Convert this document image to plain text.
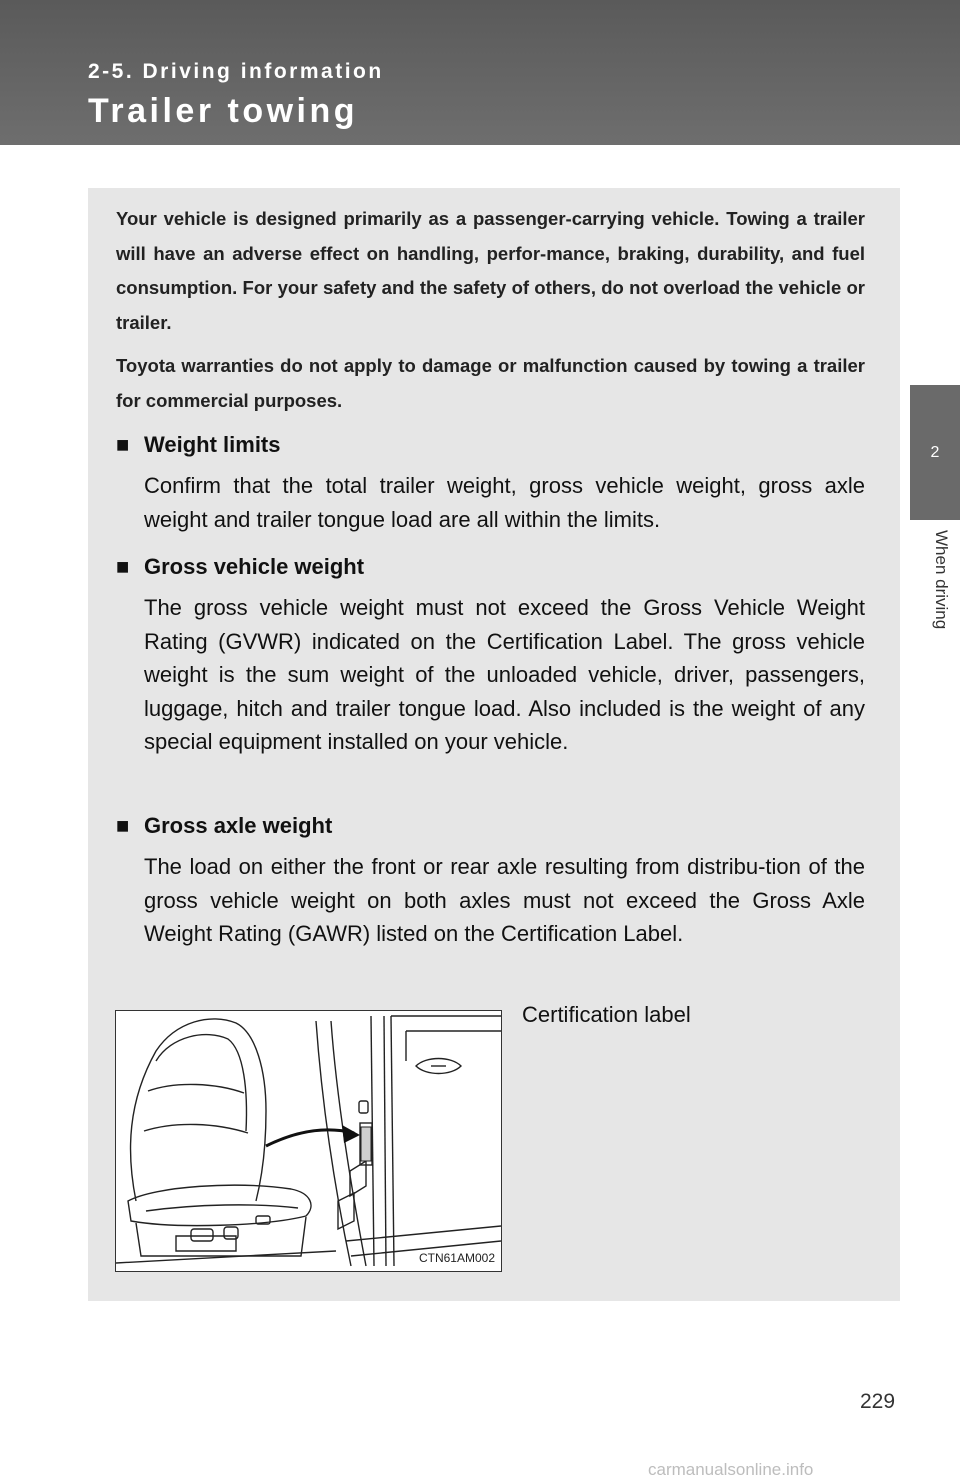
2-5. Driving information
Trailer towing
2
When driving
Your vehicle is designed primarily as a passenger-carrying vehicle. Towing a trailer will have an adverse effect on handling, perfor-mance, braking, durability, and fuel consumption. For your safety and the safety of others, do not overload the vehicle or trailer.
Toyota warranties do not apply to damage or malfunction caused by towing a trailer for commercial purposes.
■ Weight limits
Confirm that the total trailer weight, gross vehicle weight, gross axle weight and trailer tongue load are all within the limits.
■ Gross vehicle weight
The gross vehicle weight must not exceed the Gross Vehicle Weight Rating (GVWR) indicated on the Certification Label. The gross vehicle weight is the sum weight of the unloaded vehicle, driver, passengers, luggage, hitch and trailer tongue load. Also included is the weight of any special equipment installed on your vehicle.
■ Gross axle weight
The load on either the front or rear axle resulting from distribu-tion of the gross vehicle weight on both axles must not exceed the Gross Axle Weight Rating (GAWR) listed on the Certification Label.
CTN61AM002
Certification label
229
carmanualsonline.info
